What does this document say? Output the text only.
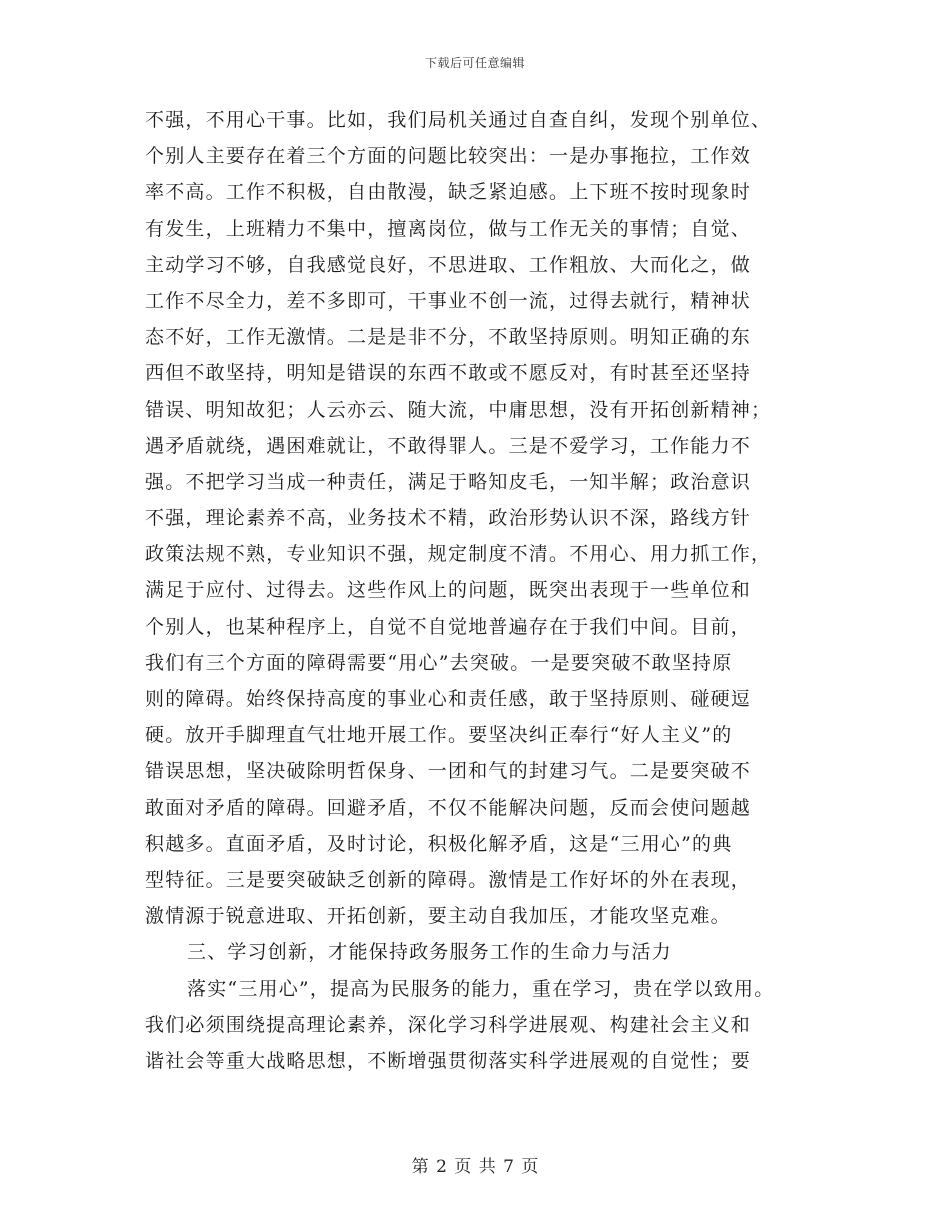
下载后可任意编辑
不强，不用心干事。比如，我们局机关通过自查自纠，发现个别单位、
个别人主要存在着三个方面的问题比较突出：一是办事拖拉，工作效
率不高。工作不积极，自由散漫，缺乏紧迫感。上下班不按时现象时
有发生，上班精力不集中，擅离岗位，做与工作无关的事情；自觉、
主动学习不够，自我感觉良好，不思进取、工作粗放、大而化之，做
工作不尽全力，差不多即可，干事业不创一流，过得去就行，精神状
态不好，工作无激情。二是是非不分，不敢坚持原则。明知正确的东
西但不敢坚持，明知是错误的东西不敢或不愿反对，有时甚至还坚持
错误、明知故犯；人云亦云、随大流，中庸思想，没有开拓创新精神；
遇矛盾就绕，遇困难就让，不敢得罪人。三是不爱学习，工作能力不
强。不把学习当成一种责任，满足于略知皮毛，一知半解；政治意识
不强，理论素养不高，业务技术不精，政治形势认识不深，路线方针
政策法规不熟，专业知识不强，规定制度不清。不用心、用力抓工作，
满足于应付、过得去。这些作风上的问题，既突出表现于一些单位和
个别人，也某种程序上，自觉不自觉地普遍存在于我们中间。目前，
我们有三个方面的障碍需要“用心”去突破。一是要突破不敢坚持原
则的障碍。始终保持高度的事业心和责任感，敢于坚持原则、碰硬逗
硬。放开手脚理直气壮地开展工作。要坚决纠正奉行“好人主义”的
错误思想，坚决破除明哲保身、一团和气的封建习气。二是要突破不
敢面对矛盾的障碍。回避矛盾，不仅不能解决问题，反而会使问题越
积越多。直面矛盾，及时讨论，积极化解矛盾，这是“三用心”的典
型特征。三是要突破缺乏创新的障碍。激情是工作好坏的外在表现，
激情源于锐意进取、开拓创新，要主动自我加压，才能攻坚克难。
三、学习创新，才能保持政务服务工作的生命力与活力
落实“三用心”，提高为民服务的能力，重在学习，贵在学以致用。
我们必须围绕提高理论素养，深化学习科学进展观、构建社会主义和
谐社会等重大战略思想，不断增强贯彻落实科学进展观的自觉性；要
第 2 页 共 7 页
